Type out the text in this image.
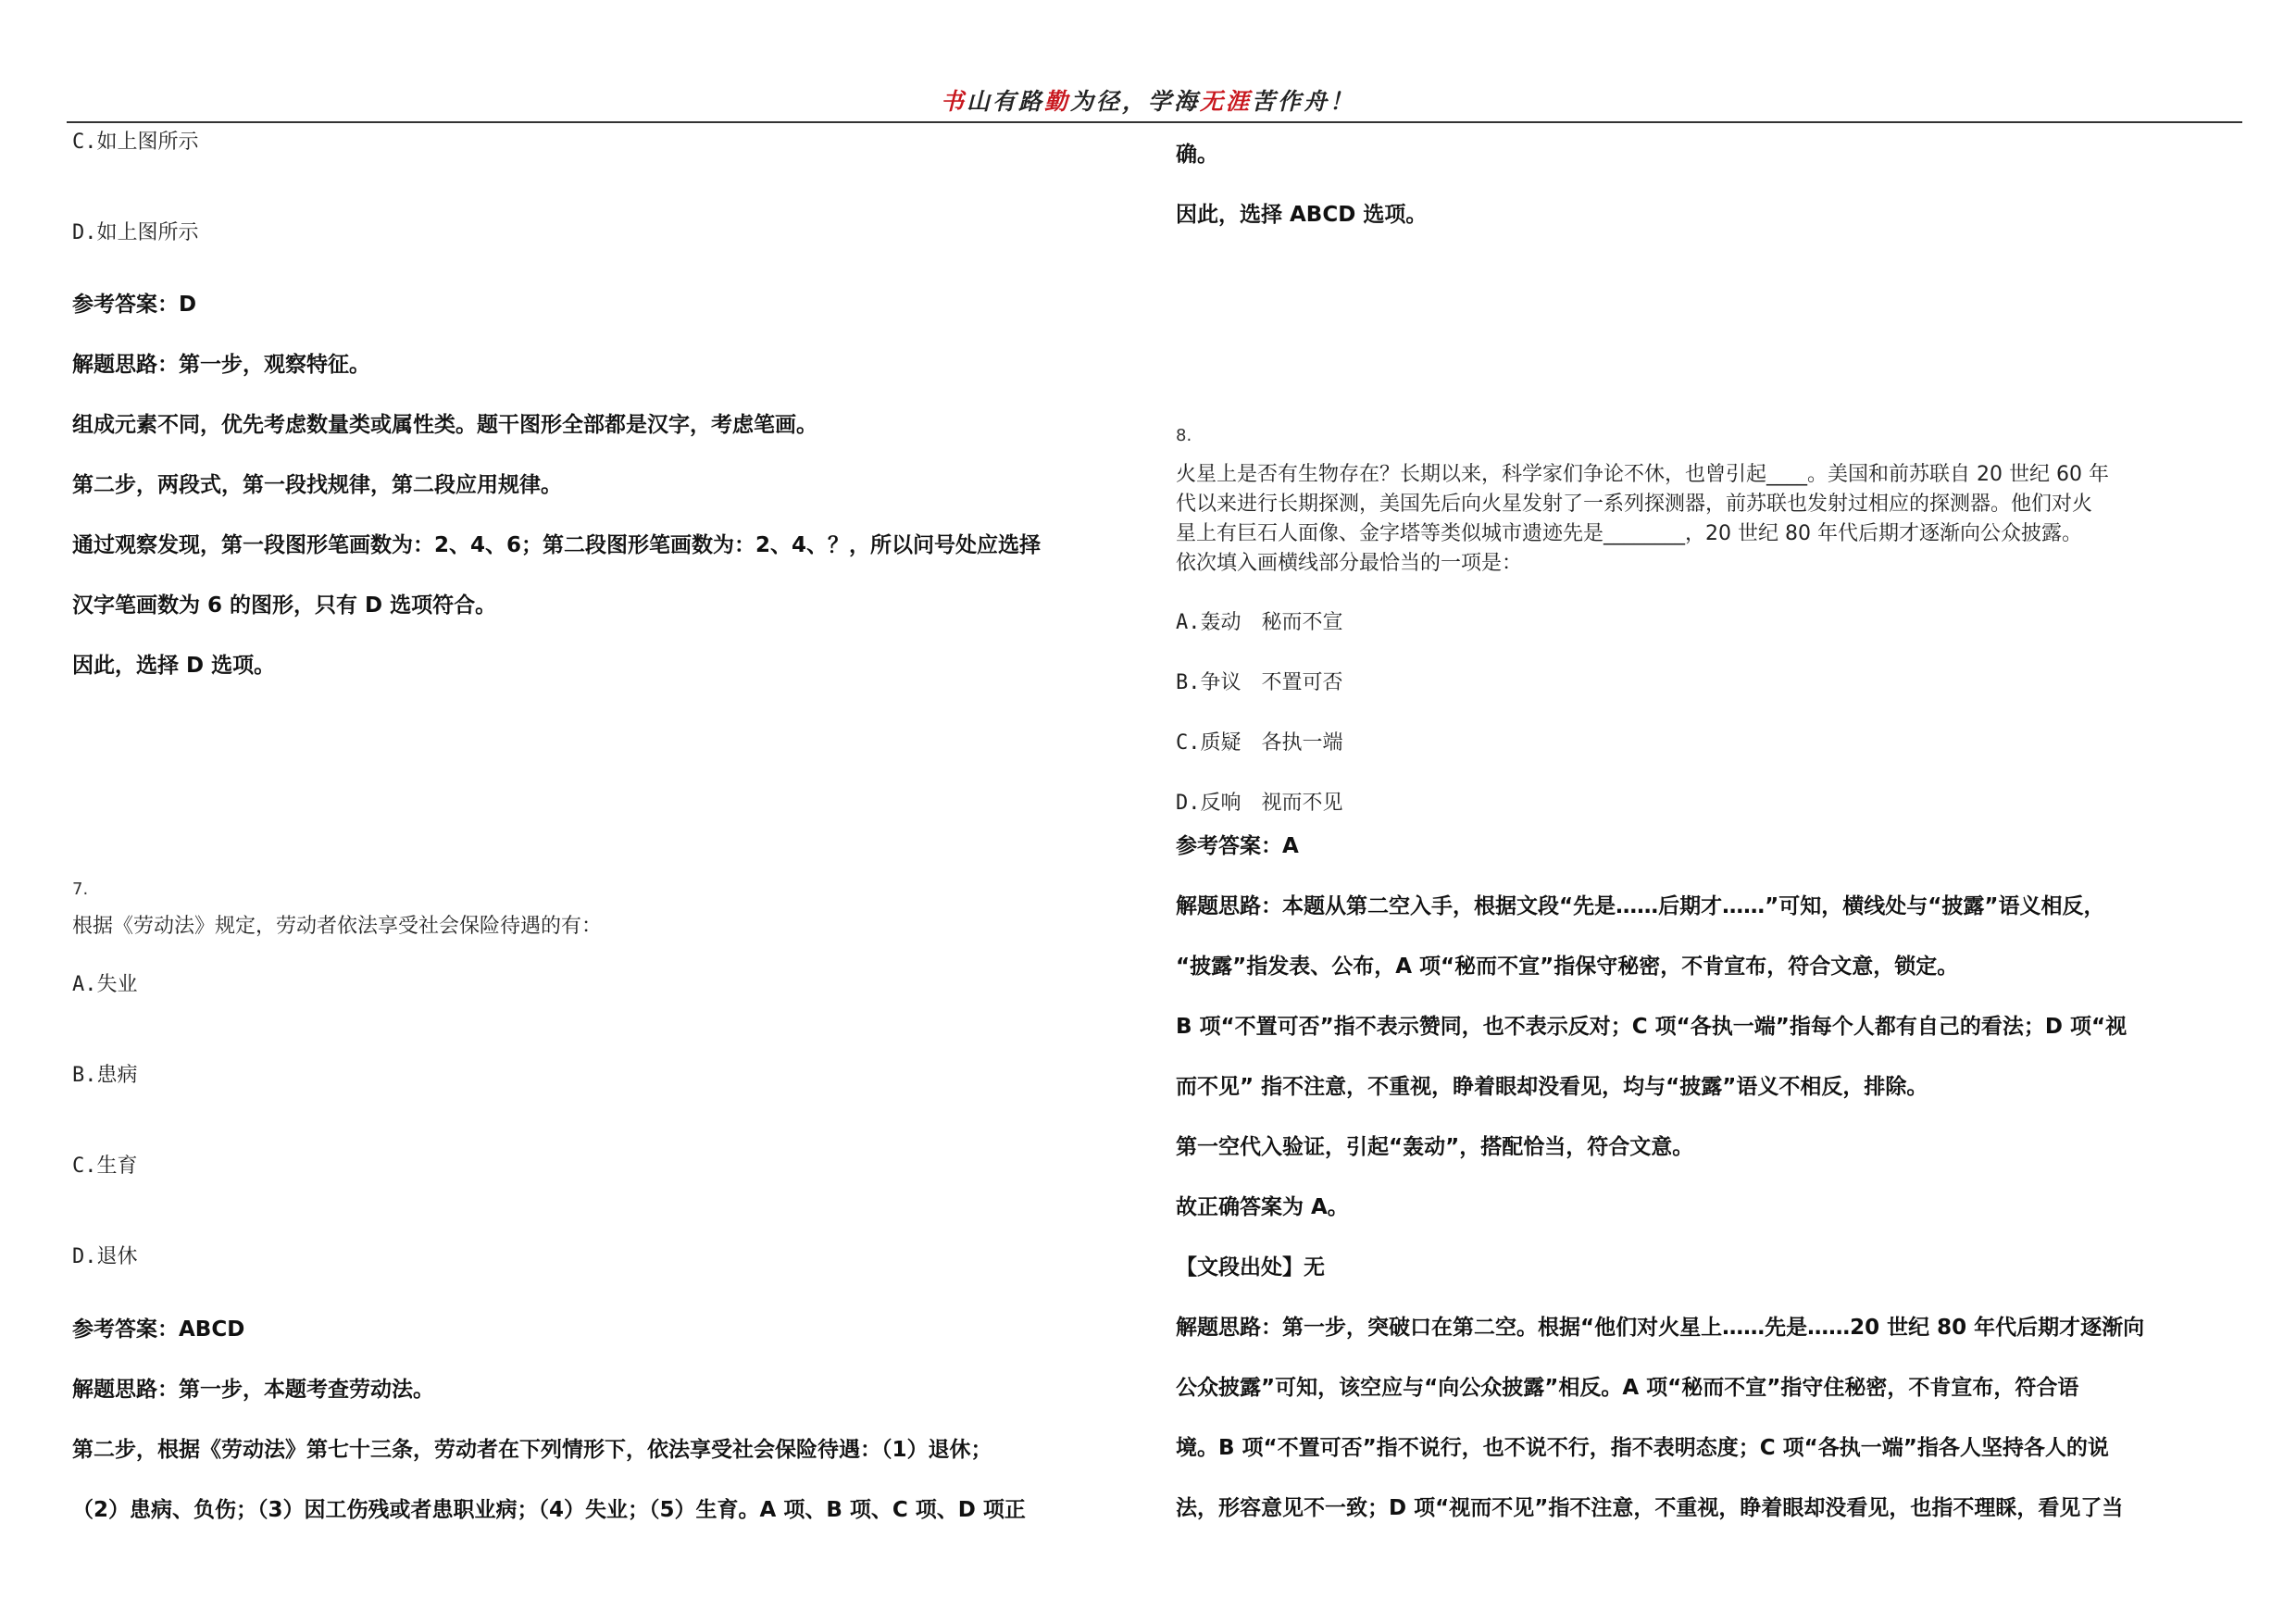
书山有路勤为径，学海无涯苦作舟！
C.如上图所示
D.如上图所示
参考答案：D
解题思路：第一步，观察特征。
组成元素不同，优先考虑数量类或属性类。题干图形全部都是汉字，考虑笔画。
第二步，两段式，第一段找规律，第二段应用规律。
通过观察发现，第一段图形笔画数为：2、4、6；第二段图形笔画数为：2、4、？，所以问号处应选择
汉字笔画数为 6 的图形，只有 D 选项符合。
因此，选择 D 选项。
7.
根据《劳动法》规定，劳动者依法享受社会保险待遇的有：
A.失业
B.患病
C.生育
D.退休
参考答案：ABCD
解题思路：第一步，本题考查劳动法。
第二步，根据《劳动法》第七十三条，劳动者在下列情形下，依法享受社会保险待遇：（1）退休；
（2）患病、负伤；（3）因工伤残或者患职业病；（4）失业；（5）生育。A 项、B 项、C 项、D 项正
确。
因此，选择 ABCD 选项。
8.
火星上是否有生物存在？长期以来，科学家们争论不休，也曾引起____。美国和前苏联自 20 世纪 60 年
代以来进行长期探测，美国先后向火星发射了一系列探测器，前苏联也发射过相应的探测器。他们对火
星上有巨石人面像、金字塔等类似城市遗迹先是________，20 世纪 80 年代后期才逐渐向公众披露。
依次填入画横线部分最恰当的一项是：
A.轰动　秘而不宣
B.争议　不置可否
C.质疑　各执一端
D.反响　视而不见
参考答案：A
解题思路：本题从第二空入手，根据文段“先是……后期才……”可知，横线处与“披露”语义相反，
“披露”指发表、公布，A 项“秘而不宣”指保守秘密，不肯宣布，符合文意，锁定。
B 项“不置可否”指不表示赞同，也不表示反对；C 项“各执一端”指每个人都有自己的看法；D 项“视
而不见” 指不注意，不重视，睁着眼却没看见，均与“披露”语义不相反，排除。
第一空代入验证，引起“轰动”，搭配恰当，符合文意。
故正确答案为 A。
【文段出处】无
解题思路：第一步，突破口在第二空。根据“他们对火星上……先是……20 世纪 80 年代后期才逐渐向
公众披露”可知，该空应与“向公众披露”相反。A 项“秘而不宣”指守住秘密，不肯宣布，符合语
境。B 项“不置可否”指不说行，也不说不行，指不表明态度；C 项“各执一端”指各人坚持各人的说
法，形容意见不一致；D 项“视而不见”指不注意，不重视，睁着眼却没看见，也指不理睬，看见了当
